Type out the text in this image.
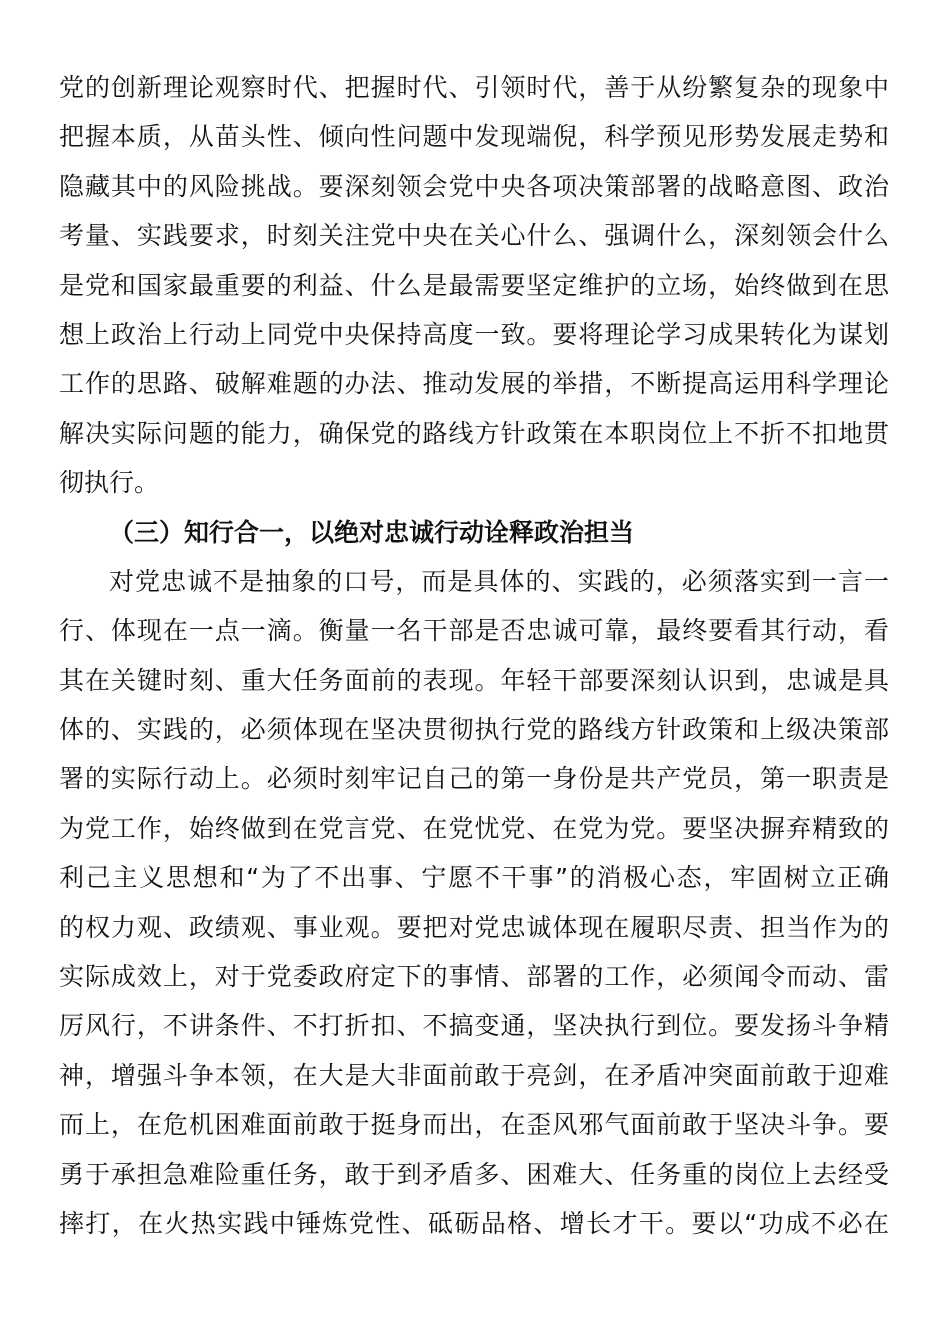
党的创新理论观察时代、把握时代、引领时代，善于从纷繁复杂的现象中
把握本质，从苗头性、倾向性问题中发现端倪，科学预见形势发展走势和
隐藏其中的风险挑战。要深刻领会党中央各项决策部署的战略意图、政治
考量、实践要求，时刻关注党中央在关心什么、强调什么，深刻领会什么
是党和国家最重要的利益、什么是最需要坚定维护的立场，始终做到在思
想上政治上行动上同党中央保持高度一致。要将理论学习成果转化为谋划
工作的思路、破解难题的办法、推动发展的举措，不断提高运用科学理论
解决实际问题的能力，确保党的路线方针政策在本职岗位上不折不扣地贯
彻执行。
（三）知行合一，以绝对忠诚行动诠释政治担当
对党忠诚不是抽象的口号，而是具体的、实践的，必须落实到一言一
行、体现在一点一滴。衡量一名干部是否忠诚可靠，最终要看其行动，看
其在关键时刻、重大任务面前的表现。年轻干部要深刻认识到，忠诚是具
体的、实践的，必须体现在坚决贯彻执行党的路线方针政策和上级决策部
署的实际行动上。必须时刻牢记自己的第一身份是共产党员，第一职责是
为党工作，始终做到在党言党、在党忧党、在党为党。要坚决摒弃精致的
利己主义思想和“为了不出事、宁愿不干事”的消极心态，牢固树立正确
的权力观、政绩观、事业观。要把对党忠诚体现在履职尽责、担当作为的
实际成效上，对于党委政府定下的事情、部署的工作，必须闻令而动、雷
厉风行，不讲条件、不打折扣、不搞变通，坚决执行到位。要发扬斗争精
神，增强斗争本领，在大是大非面前敢于亮剑，在矛盾冲突面前敢于迎难
而上，在危机困难面前敢于挺身而出，在歪风邪气面前敢于坚决斗争。要
勇于承担急难险重任务，敢于到矛盾多、困难大、任务重的岗位上去经受
摔打，在火热实践中锤炼党性、砥砺品格、增长才干。要以“功成不必在
